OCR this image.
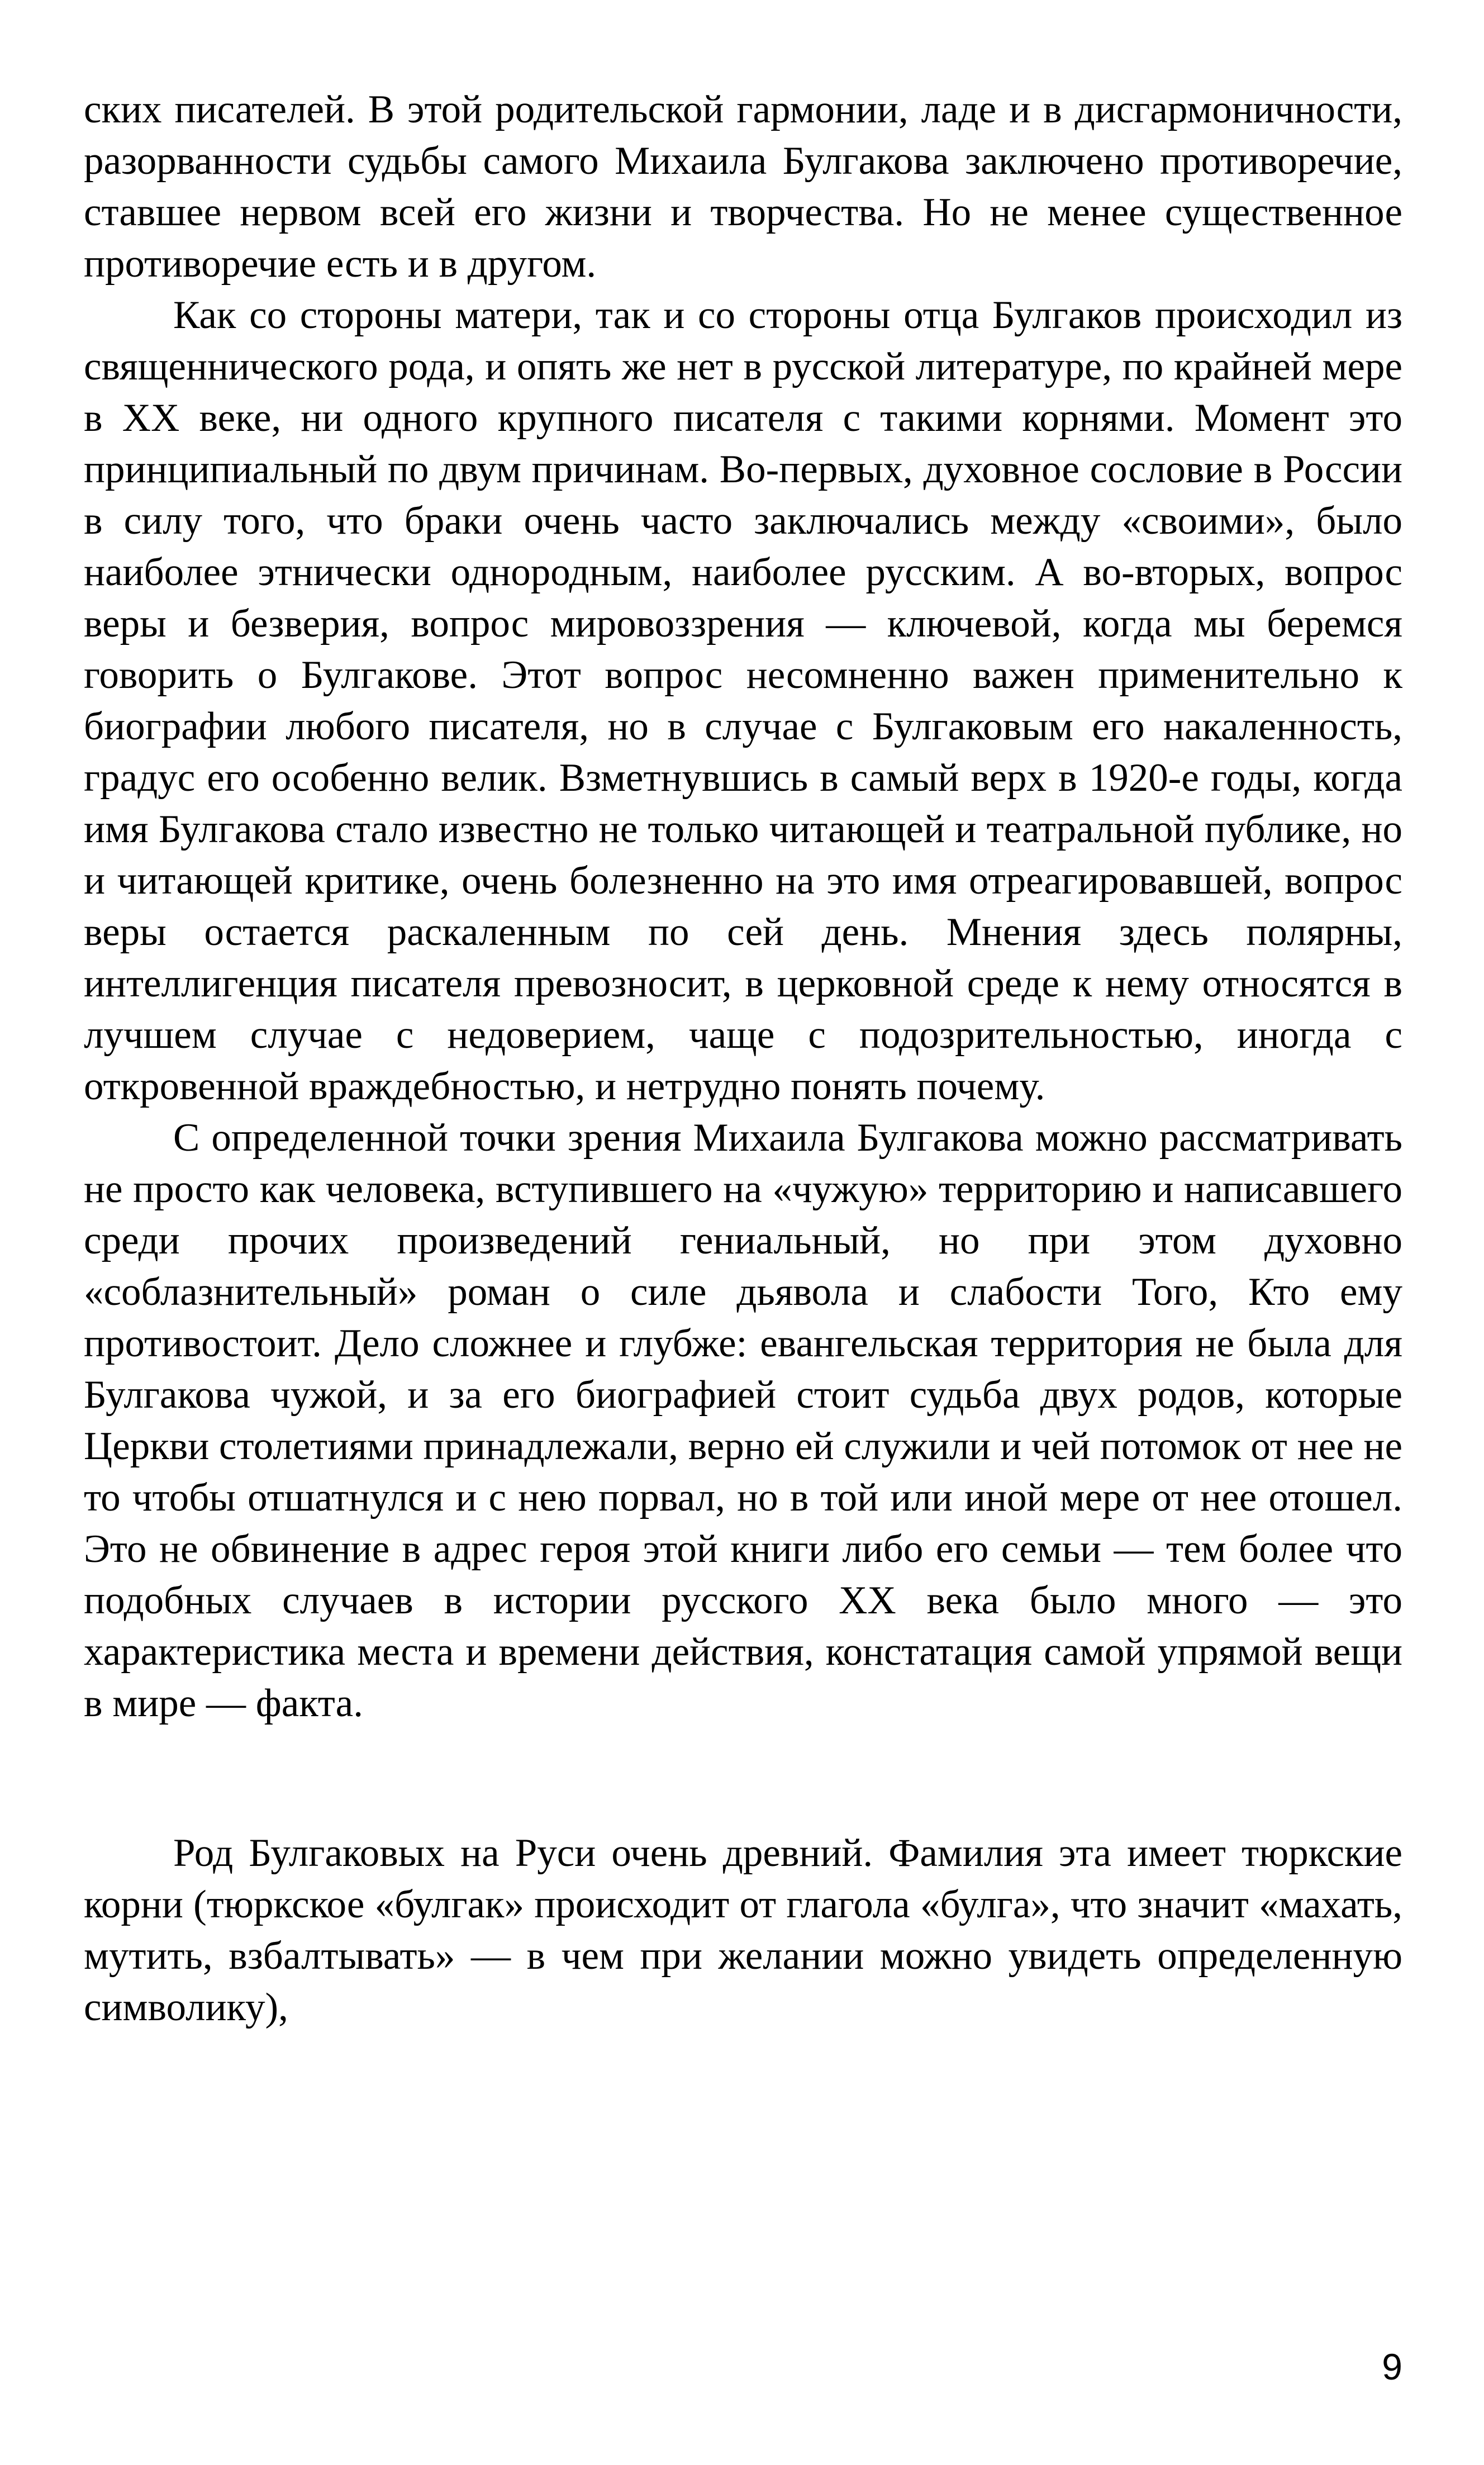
ских писателей. В этой родительской гармонии, ладе и в дисгармоничности, разорванности судьбы самого Михаила Булгакова заключено противоречие, ставшее нервом всей его жизни и творчества. Но не менее существенное противоречие есть и в другом.

Как со стороны матери, так и со стороны отца Булгаков происходил из священнического рода, и опять же нет в русской литературе, по крайней мере в XX веке, ни одного крупного писателя с такими корнями. Момент это принципиальный по двум причинам. Во-первых, духовное сословие в России в силу того, что браки очень часто заключались между «своими», было наиболее этнически однородным, наиболее русским. А во-вторых, вопрос веры и безверия, вопрос мировоззрения — ключевой, когда мы беремся говорить о Булгакове. Этот вопрос несомненно важен применительно к биографии любого писателя, но в случае с Булгаковым его накаленность, градус его особенно велик. Взметнувшись в самый верх в 1920-е годы, когда имя Булгакова стало известно не только читающей и театральной публике, но и читающей критике, очень болезненно на это имя отреагировавшей, вопрос веры остается раскаленным по сей день. Мнения здесь полярны, интеллигенция писателя превозносит, в церковной среде к нему относятся в лучшем случае с недоверием, чаще с подозрительностью, иногда с откровенной враждебностью, и нетрудно понять почему.

С определенной точки зрения Михаила Булгакова можно рассматривать не просто как человека, вступившего на «чужую» территорию и написавшего среди прочих произведений гениальный, но при этом духовно «соблазнительный» роман о силе дьявола и слабости Того, Кто ему противостоит. Дело сложнее и глубже: евангельская территория не была для Булгакова чужой, и за его биографией стоит судьба двух родов, которые Церкви столетиями принадлежали, верно ей служили и чей потомок от нее не то чтобы отшатнулся и с нею порвал, но в той или иной мере от нее отошел. Это не обвинение в адрес героя этой книги либо его семьи — тем более что подобных случаев в истории русского XX века было много — это характеристика места и времени действия, констатация самой упрямой вещи в мире — факта.

Род Булгаковых на Руси очень древний. Фамилия эта имеет тюркские корни (тюркское «булгак» происходит от глагола «булга», что значит «махать, мутить, взбалтывать» — в чем при желании можно увидеть определенную символику),

9
